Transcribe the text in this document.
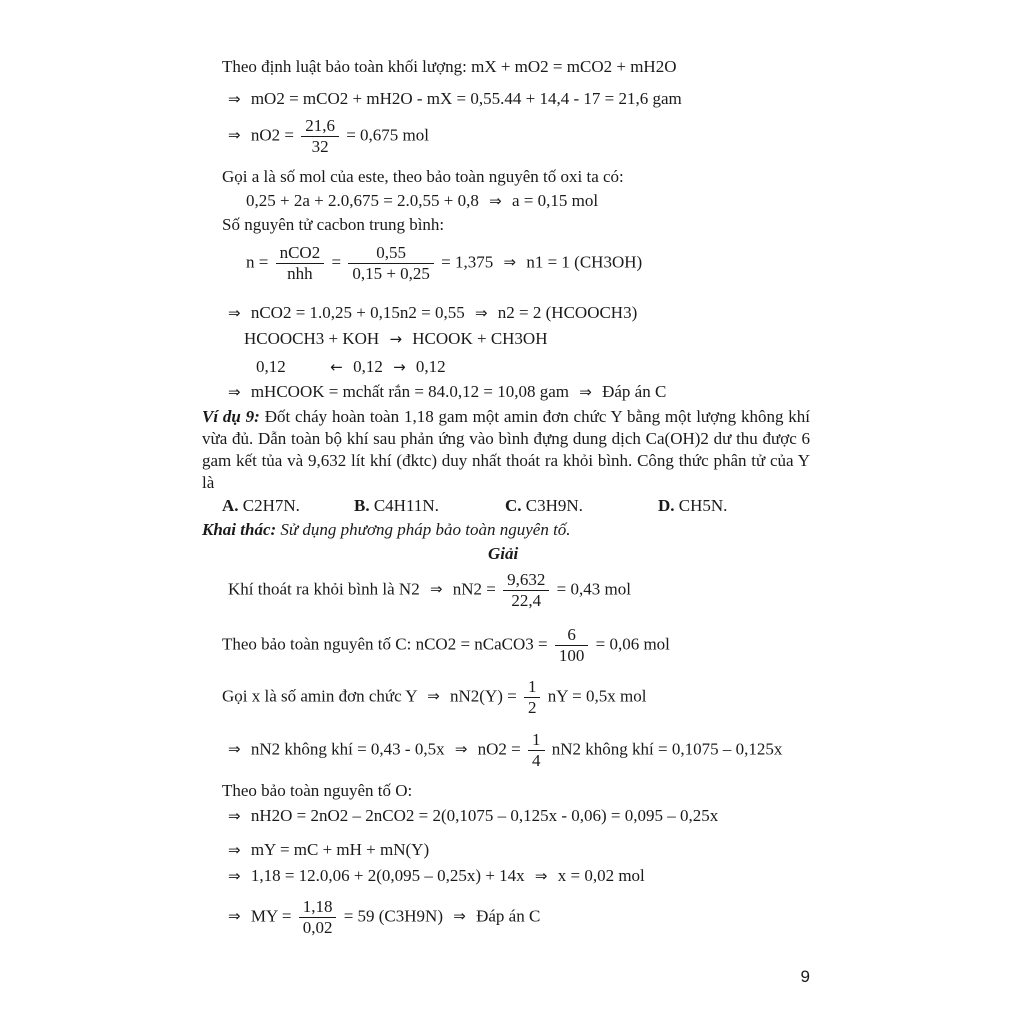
Theo định luật bảo toàn khối lượng: mX + mO2 = mCO2 + mH2O
⇒ mO2 = mCO2 + mH2O - mX = 0,55.44 + 14,4 - 17 = 21,6 gam
⇒ $nO2 = \frac{21,6}{32} = 0,675$ mol
Gọi a là số mol của este, theo bảo toàn nguyên tố oxi ta có:
0,25 + 2a + 2.0,675 = 2.0,55 + 0,8 ⇒ a = 0,15 mol
Số nguyên tử cacbon trung bình:
$n = \frac{\text{nCO2}}{\text{nhh}} = \frac{0,55}{0,15 + 0,25} = 1,375$ ⇒ n1 = 1 (CH3OH)
⇒ nCO2 = 1.0,25 + 0,15n2 = 0,55 ⇒ n2 = 2 (HCOOCH3)
HCOOCH3 + KOH → HCOOK + CH3OH
0,12	← 0,12 → 0,12
⇒ mHCOOK = mchất rắn = 84.0,12 = 10,08 gam ⇒ Đáp án C
Ví dụ 9: Đốt cháy hoàn toàn 1,18 gam một amin đơn chức Y bằng một lượng không khí vừa đủ. Dẫn toàn bộ khí sau phản ứng vào bình đựng dung dịch Ca(OH)2 dư thu được 6 gam kết tủa và 9,632 lít khí (đktc) duy nhất thoát ra khỏi bình. Công thức phân tử của Y là
A. C2H7N.	B. C4H11N.	C. C3H9N.	D. CH5N.
Khai thác: Sử dụng phương pháp bảo toàn nguyên tố.
Giải
Khí thoát ra khỏi bình là N2 ⇒ $nN2 = \frac{9,632}{22,4} = 0,43$ mol
Theo bảo toàn nguyên tố C: nCO2 = nCaCO3 = $\frac{6}{100} = 0,06$ mol
Gọi x là số amin đơn chức Y ⇒ $nN2(Y) = \frac{1}{2}$ nY = 0,5x mol
⇒ nN2 không khí = 0,43 - 0,5x ⇒ $nO2 = \frac{1}{4} nN2$ không khí = 0,1075 – 0,125x
Theo bảo toàn nguyên tố O:
⇒ nH2O = 2nO2 – 2nCO2 = 2(0,1075 – 0,125x - 0,06) = 0,095 – 0,25x
⇒ mY = mC + mH + mN(Y)
⇒ 1,18 = 12.0,06 + 2(0,095 – 0,25x) + 14x ⇒ x = 0,02 mol
⇒ MY = $\frac{1,18}{0,02} = 59$ (C3H9N) ⇒ Đáp án C
9
